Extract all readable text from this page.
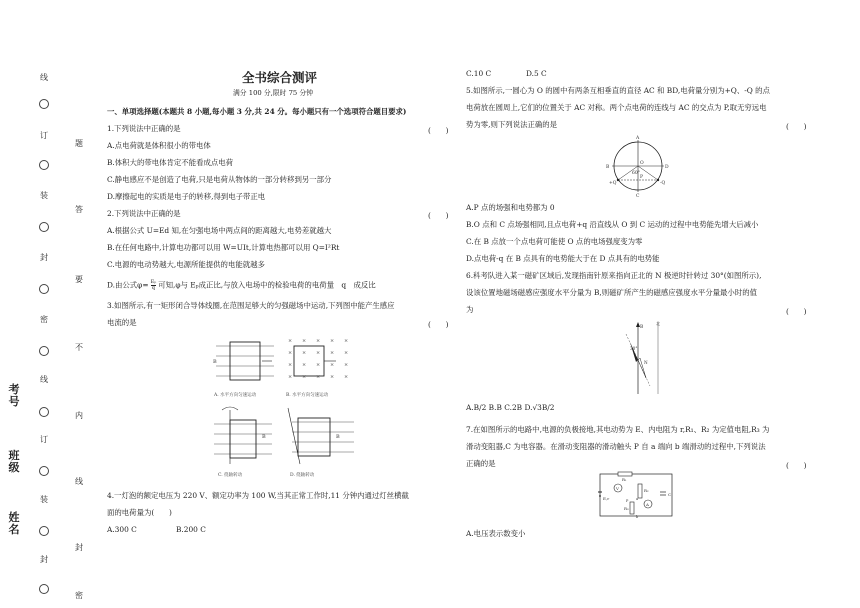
线
订
装
封
密
线
订
装
封
题
答
要
不
内
线
封
密
考号
班级
姓名
全书综合测评
满分 100 分,限时 75 分钟
一、单项选择题(本题共 8 小题,每小题 3 分,共 24 分。每小题只有一个选项符合题目要求)
1.下列说法中正确的是	(　　)
A.点电荷就是体积很小的带电体
B.体积大的带电体肯定不能看成点电荷
C.静电感应不是创造了电荷,只是电荷从物体的一部分转移到另一部分
D.摩擦起电的实质是电子的转移,得到电子带正电
2.下列说法中正确的是	(　　)
A.根据公式 U=Ed 知,在匀强电场中两点间的距离越大,电势差就越大
B.在任何电路中,计算电功都可以用 W=UIt,计算电热都可以用 Q=I²Rt
C.电源的电动势越大,电源所能提供的电能就越多
D.由公式$\varphi= \frac{\text{Eₚ}}{q}$ 可知,φ与 Eₚ成正比,与放入电场中的检验电荷的电荷量　q　成反比
3.如图所示,有一矩形闭合导体线圈,在范围足够大的匀强磁场中运动,下列图中能产生感应
电流的是	(　　)
B
A. 水平方向匀速运动
× × × × ×
× × × × ×
× × × × ×
× × × × ×
B. 水平方向匀速运动
B
C. 绕轴转动
B
D. 绕轴转动
4.一灯泡的额定电压为 220 V、额定功率为 100 W,当其正常工作时,11 分钟内通过灯丝横截
面的电荷量为(　　)
A.300 C	B.200 C
C.10 C	D.5 C
5.如图所示,一圆心为 O 的圆中有两条互相垂直的直径 AC 和 BD,电荷量分别为+Q、-Q 的点
电荷放在圆周上,它们的位置关于 AC 对称。两个点电荷的连线与 AC 的交点为 P,取无穷远电
势为零,则下列说法正确的是	(　　)
A
B	D
C
O
P
+Q	-Q
60°
A.P 点的场强和电势都为 0
B.O 点和 C 点场强相同,且点电荷+q 沿直线从 O 到 C 运动的过程中电势能先增大后减小
C.在 B 点放一个点电荷可能使 O 点的电场强度变为零
D.点电荷-q 在 B 点具有的电势能大于在 D 点具有的电势能
6.科考队进入某一磁矿区域后,发现指南针原来指向正北的 N 极逆时针转过 30°(如图所示),
设该位置地磁场磁感应强度水平分量为 B,则磁矿所产生的磁感应强度水平分量最小时的值
为	(　　)
B
北
30°
N
A.B/2 B.B C.2B D.√3B/2
7.在如图所示的电路中,电源的负极接地,其电动势为 E、内电阻为 r,R₁、R₂ 为定值电阻,R₃ 为
滑动变阻器,C 为电容器。在滑动变阻器的滑动触头 P 自 a 端向 b 端滑动的过程中,下列说法
正确的是	(　　)
E,r
R₁
V	R₂
R₃
A
C
a
b
P
A.电压表示数变小
